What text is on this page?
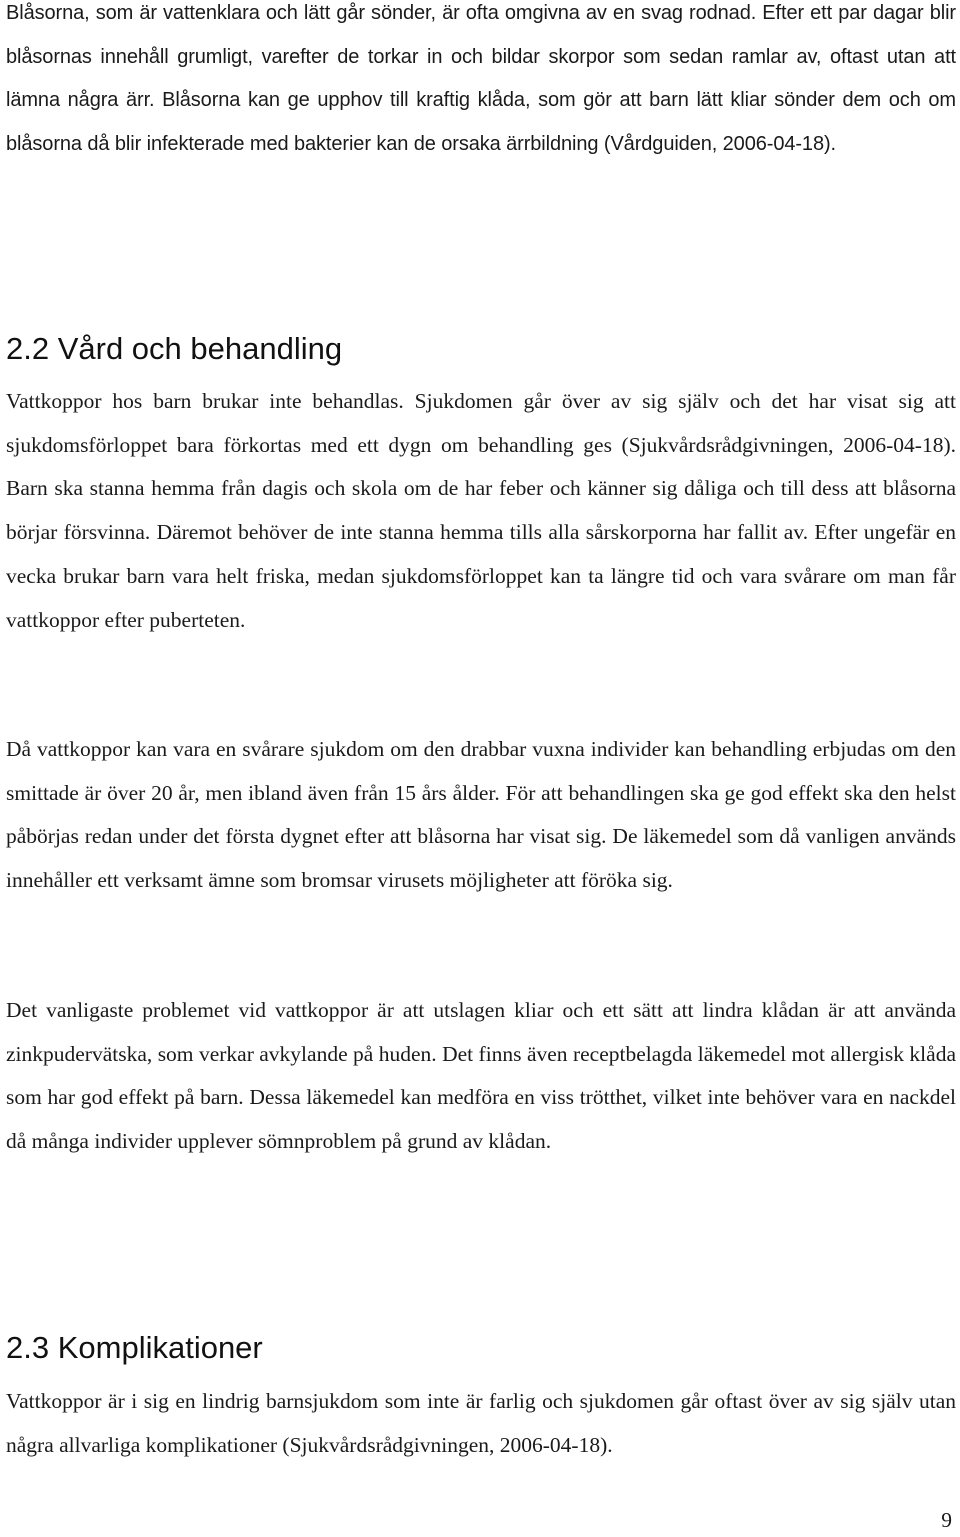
Blåsorna, som är vattenklara och lätt går sönder, är ofta omgivna av en svag rodnad. Efter ett par dagar blir blåsornas innehåll grumligt, varefter de torkar in och bildar skorpor som sedan ramlar av, oftast utan att lämna några ärr. Blåsorna kan ge upphov till kraftig klåda, som gör att barn lätt kliar sönder dem och om blåsorna då blir infekterade med bakterier kan de orsaka ärrbildning (Vårdguiden, 2006-04-18).

2.2 Vård och behandling

Vattkoppor hos barn brukar inte behandlas. Sjukdomen går över av sig själv och det har visat sig att sjukdomsförloppet bara förkortas med ett dygn om behandling ges (Sjukvårdsrådgivningen, 2006-04-18). Barn ska stanna hemma från dagis och skola om de har feber och känner sig dåliga och till dess att blåsorna börjar försvinna. Däremot behöver de inte stanna hemma tills alla sårskorporna har fallit av. Efter ungefär en vecka brukar barn vara helt friska, medan sjukdomsförloppet kan ta längre tid och vara svårare om man får vattkoppor efter puberteten.

Då vattkoppor kan vara en svårare sjukdom om den drabbar vuxna individer kan behandling erbjudas om den smittade är över 20 år, men ibland även från 15 års ålder. För att behandlingen ska ge god effekt ska den helst påbörjas redan under det första dygnet efter att blåsorna har visat sig. De läkemedel som då vanligen används innehåller ett verksamt ämne som bromsar virusets möjligheter att föröka sig.

Det vanligaste problemet vid vattkoppor är att utslagen kliar och ett sätt att lindra klådan är att använda zinkpudervätska, som verkar avkylande på huden. Det finns även receptbelagda läkemedel mot allergisk klåda som har god effekt på barn. Dessa läkemedel kan medföra en viss trötthet, vilket inte behöver vara en nackdel då många individer upplever sömnproblem på grund av klådan.

2.3 Komplikationer

Vattkoppor är i sig en lindrig barnsjukdom som inte är farlig och sjukdomen går oftast över av sig själv utan några allvarliga komplikationer (Sjukvårdsrådgivningen, 2006-04-18).

9
